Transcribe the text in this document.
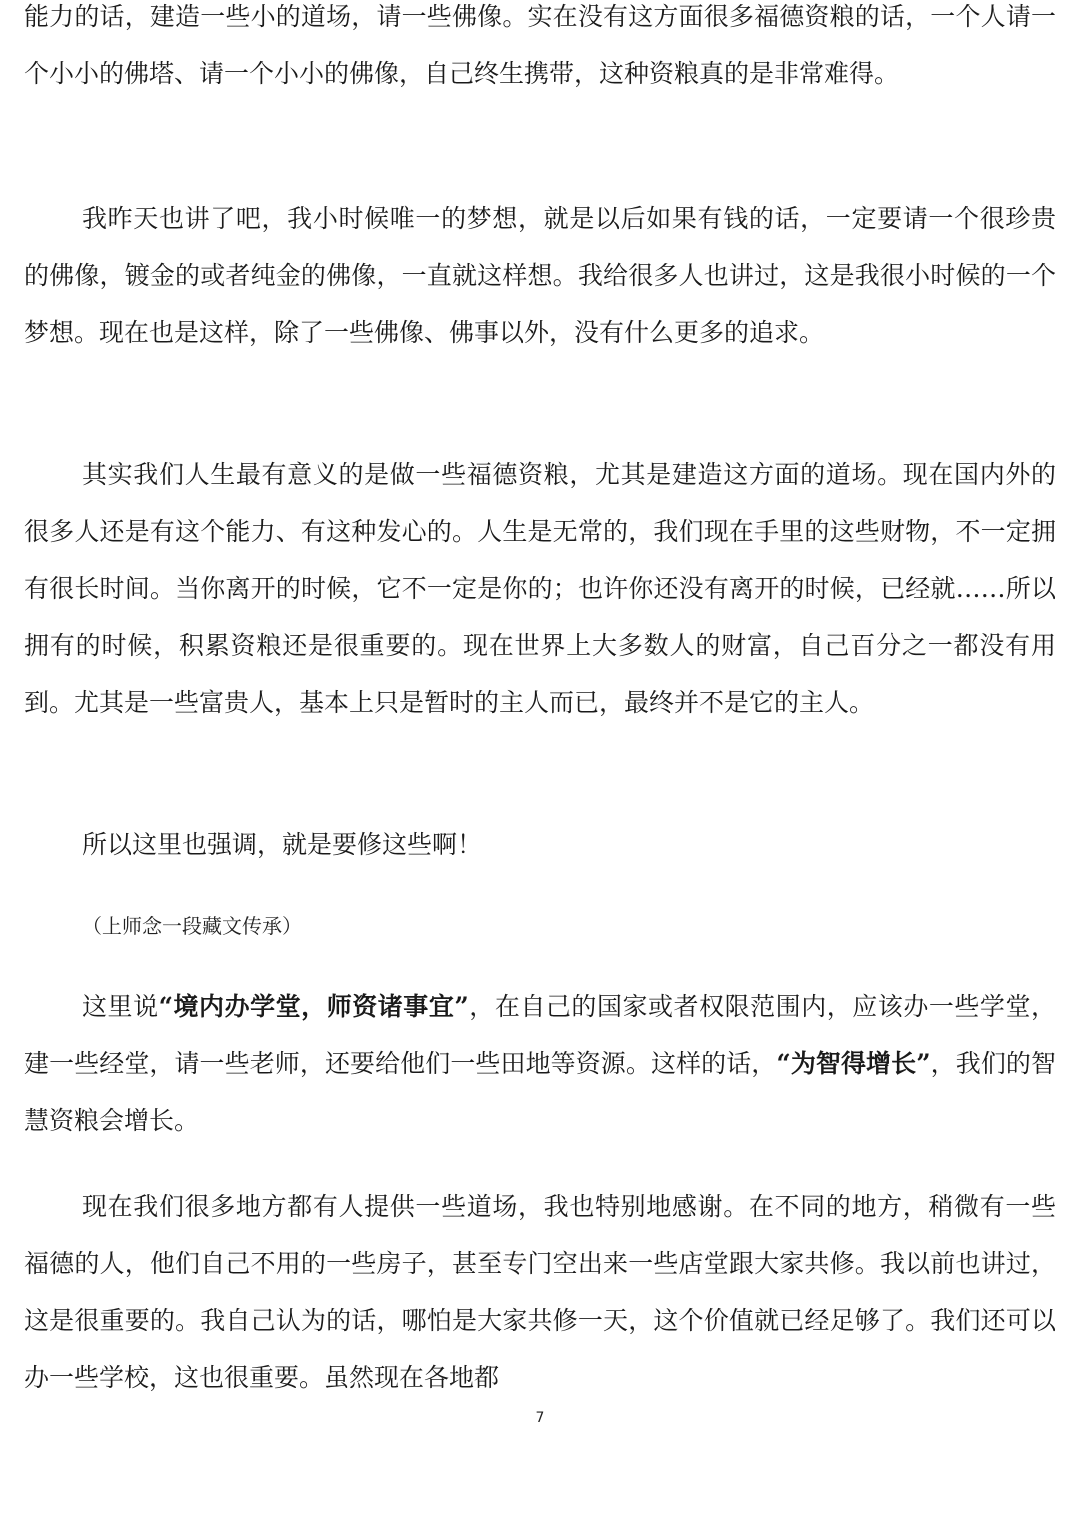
能力的话，建造一些小的道场，请一些佛像。实在没有这方面很多福德资粮的话，一个人请一个小小的佛塔、请一个小小的佛像，自己终生携带，这种资粮真的是非常难得。

我昨天也讲了吧，我小时候唯一的梦想，就是以后如果有钱的话，一定要请一个很珍贵的佛像，镀金的或者纯金的佛像，一直就这样想。我给很多人也讲过，这是我很小时候的一个梦想。现在也是这样，除了一些佛像、佛事以外，没有什么更多的追求。

其实我们人生最有意义的是做一些福德资粮，尤其是建造这方面的道场。现在国内外的很多人还是有这个能力、有这种发心的。人生是无常的，我们现在手里的这些财物，不一定拥有很长时间。当你离开的时候，它不一定是你的；也许你还没有离开的时候，已经就……所以拥有的时候，积累资粮还是很重要的。现在世界上大多数人的财富，自己百分之一都没有用到。尤其是一些富贵人，基本上只是暂时的主人而已，最终并不是它的主人。

所以这里也强调，就是要修这些啊！

（上师念一段藏文传承）

这里说“境内办学堂，师资诸事宜”，在自己的国家或者权限范围内，应该办一些学堂，建一些经堂，请一些老师，还要给他们一些田地等资源。这样的话，“为智得增长”，我们的智慧资粮会增长。

现在我们很多地方都有人提供一些道场，我也特别地感谢。在不同的地方，稍微有一些福德的人，他们自己不用的一些房子，甚至专门空出来一些店堂跟大家共修。我以前也讲过，这是很重要的。我自己认为的话，哪怕是大家共修一天，这个价值就已经足够了。我们还可以办一些学校，这也很重要。虽然现在各地都

7
